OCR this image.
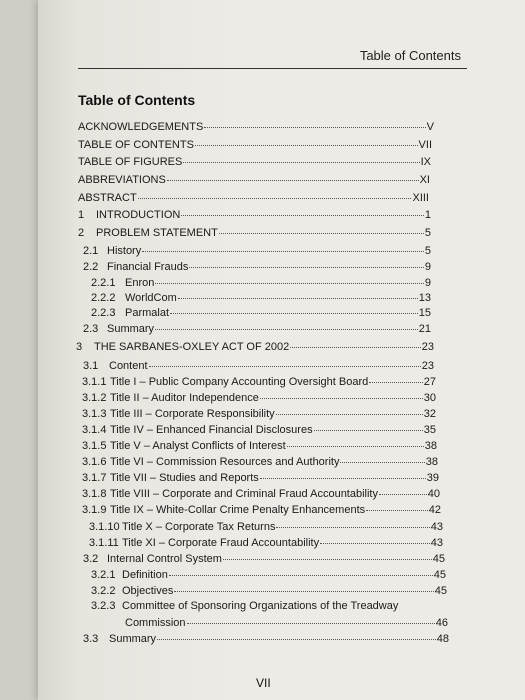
Table of Contents
Table of Contents
ACKNOWLEDGEMENTS	V
TABLE OF CONTENTS	VII
TABLE OF FIGURES	IX
ABBREVIATIONS	XI
ABSTRACT	XIII
1	INTRODUCTION	1
2	PROBLEM STATEMENT	5
2.1 History	5
2.2 Financial Frauds	9
2.2.1 Enron	9
2.2.2 WorldCom	13
2.2.3 Parmalat	15
2.3 Summary	21
3	THE SARBANES-OXLEY ACT OF 2002	23
3.1 Content	23
3.1.1 Title I – Public Company Accounting Oversight Board	27
3.1.2 Title II – Auditor Independence	30
3.1.3 Title III – Corporate Responsibility	32
3.1.4 Title IV – Enhanced Financial Disclosures	35
3.1.5 Title V – Analyst Conflicts of Interest	38
3.1.6 Title VI – Commission Resources and Authority	38
3.1.7 Title VII – Studies and Reports	39
3.1.8 Title VIII – Corporate and Criminal Fraud Accountability	40
3.1.9 Title IX – White-Collar Crime Penalty Enhancements	42
3.1.10 Title X – Corporate Tax Returns	43
3.1.11 Title XI – Corporate Fraud Accountability	43
3.2 Internal Control System	45
3.2.1 Definition	45
3.2.2 Objectives	45
3.2.3 Committee of Sponsoring Organizations of the Treadway
Commission	46
3.3 Summary	48
VII
